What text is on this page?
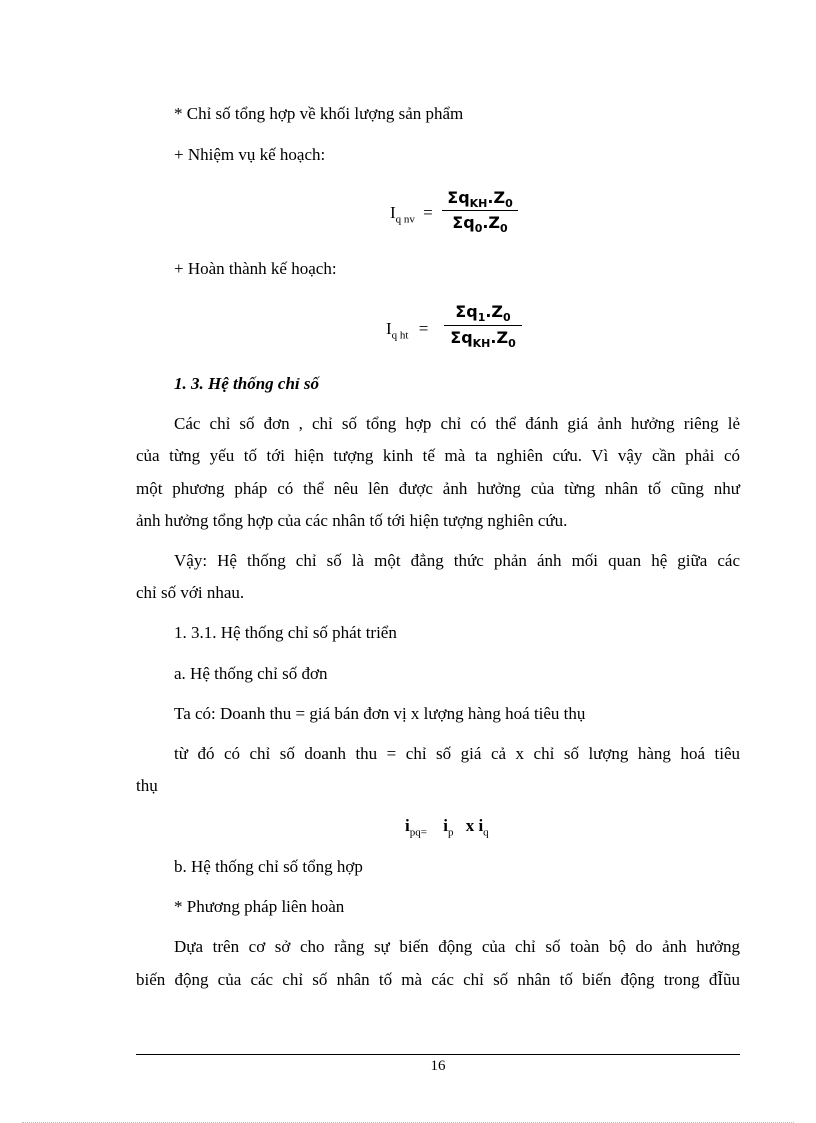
* Chỉ số tổng hợp về khối lượng sản phẩm
+ Nhiệm vụ kế hoạch:
$I_{q nv}$ =
$\Sigma q_{KH}.Z_0$
$\Sigma q_0.Z_0$
+ Hoàn thành kế hoạch:
$I_{q ht}$ =
$\Sigma q_1.Z_0$
$\Sigma q_{KH}.Z_0$
1. 3. Hệ thống chỉ số
Các chỉ số đơn , chỉ số tổng hợp chỉ có thể đánh giá ảnh hưởng riêng lẻ
của từng yếu tố tới hiện tượng kinh tế mà ta nghiên cứu. Vì vậy cần phải có
một phương pháp có thể nêu lên được ảnh hưởng của từng nhân tố cũng như
ảnh hưởng tổng hợp của các nhân tố tới hiện tượng nghiên cứu.
Vậy: Hệ thống chỉ số là một đẳng thức phản ánh mối quan hệ giữa các
chỉ số với nhau.
1. 3.1. Hệ thống chỉ số phát triển
a. Hệ thống chỉ số đơn
Ta có: Doanh thu = giá bán đơn vị x lượng hàng hoá tiêu thụ
từ đó có chỉ số doanh thu = chỉ số giá cả x chỉ số lượng hàng hoá tiêu
thụ
$i_{pq=}$ $i_p$ x $i_q$
b. Hệ thống chỉ số tổng hợp
* Phương pháp liên hoàn
Dựa trên cơ sở cho rằng sự biến động của chỉ số toàn bộ do ảnh hưởng
biến động của các chỉ số nhân tố mà các chỉ số nhân tố biến động trong đĨũu
16
